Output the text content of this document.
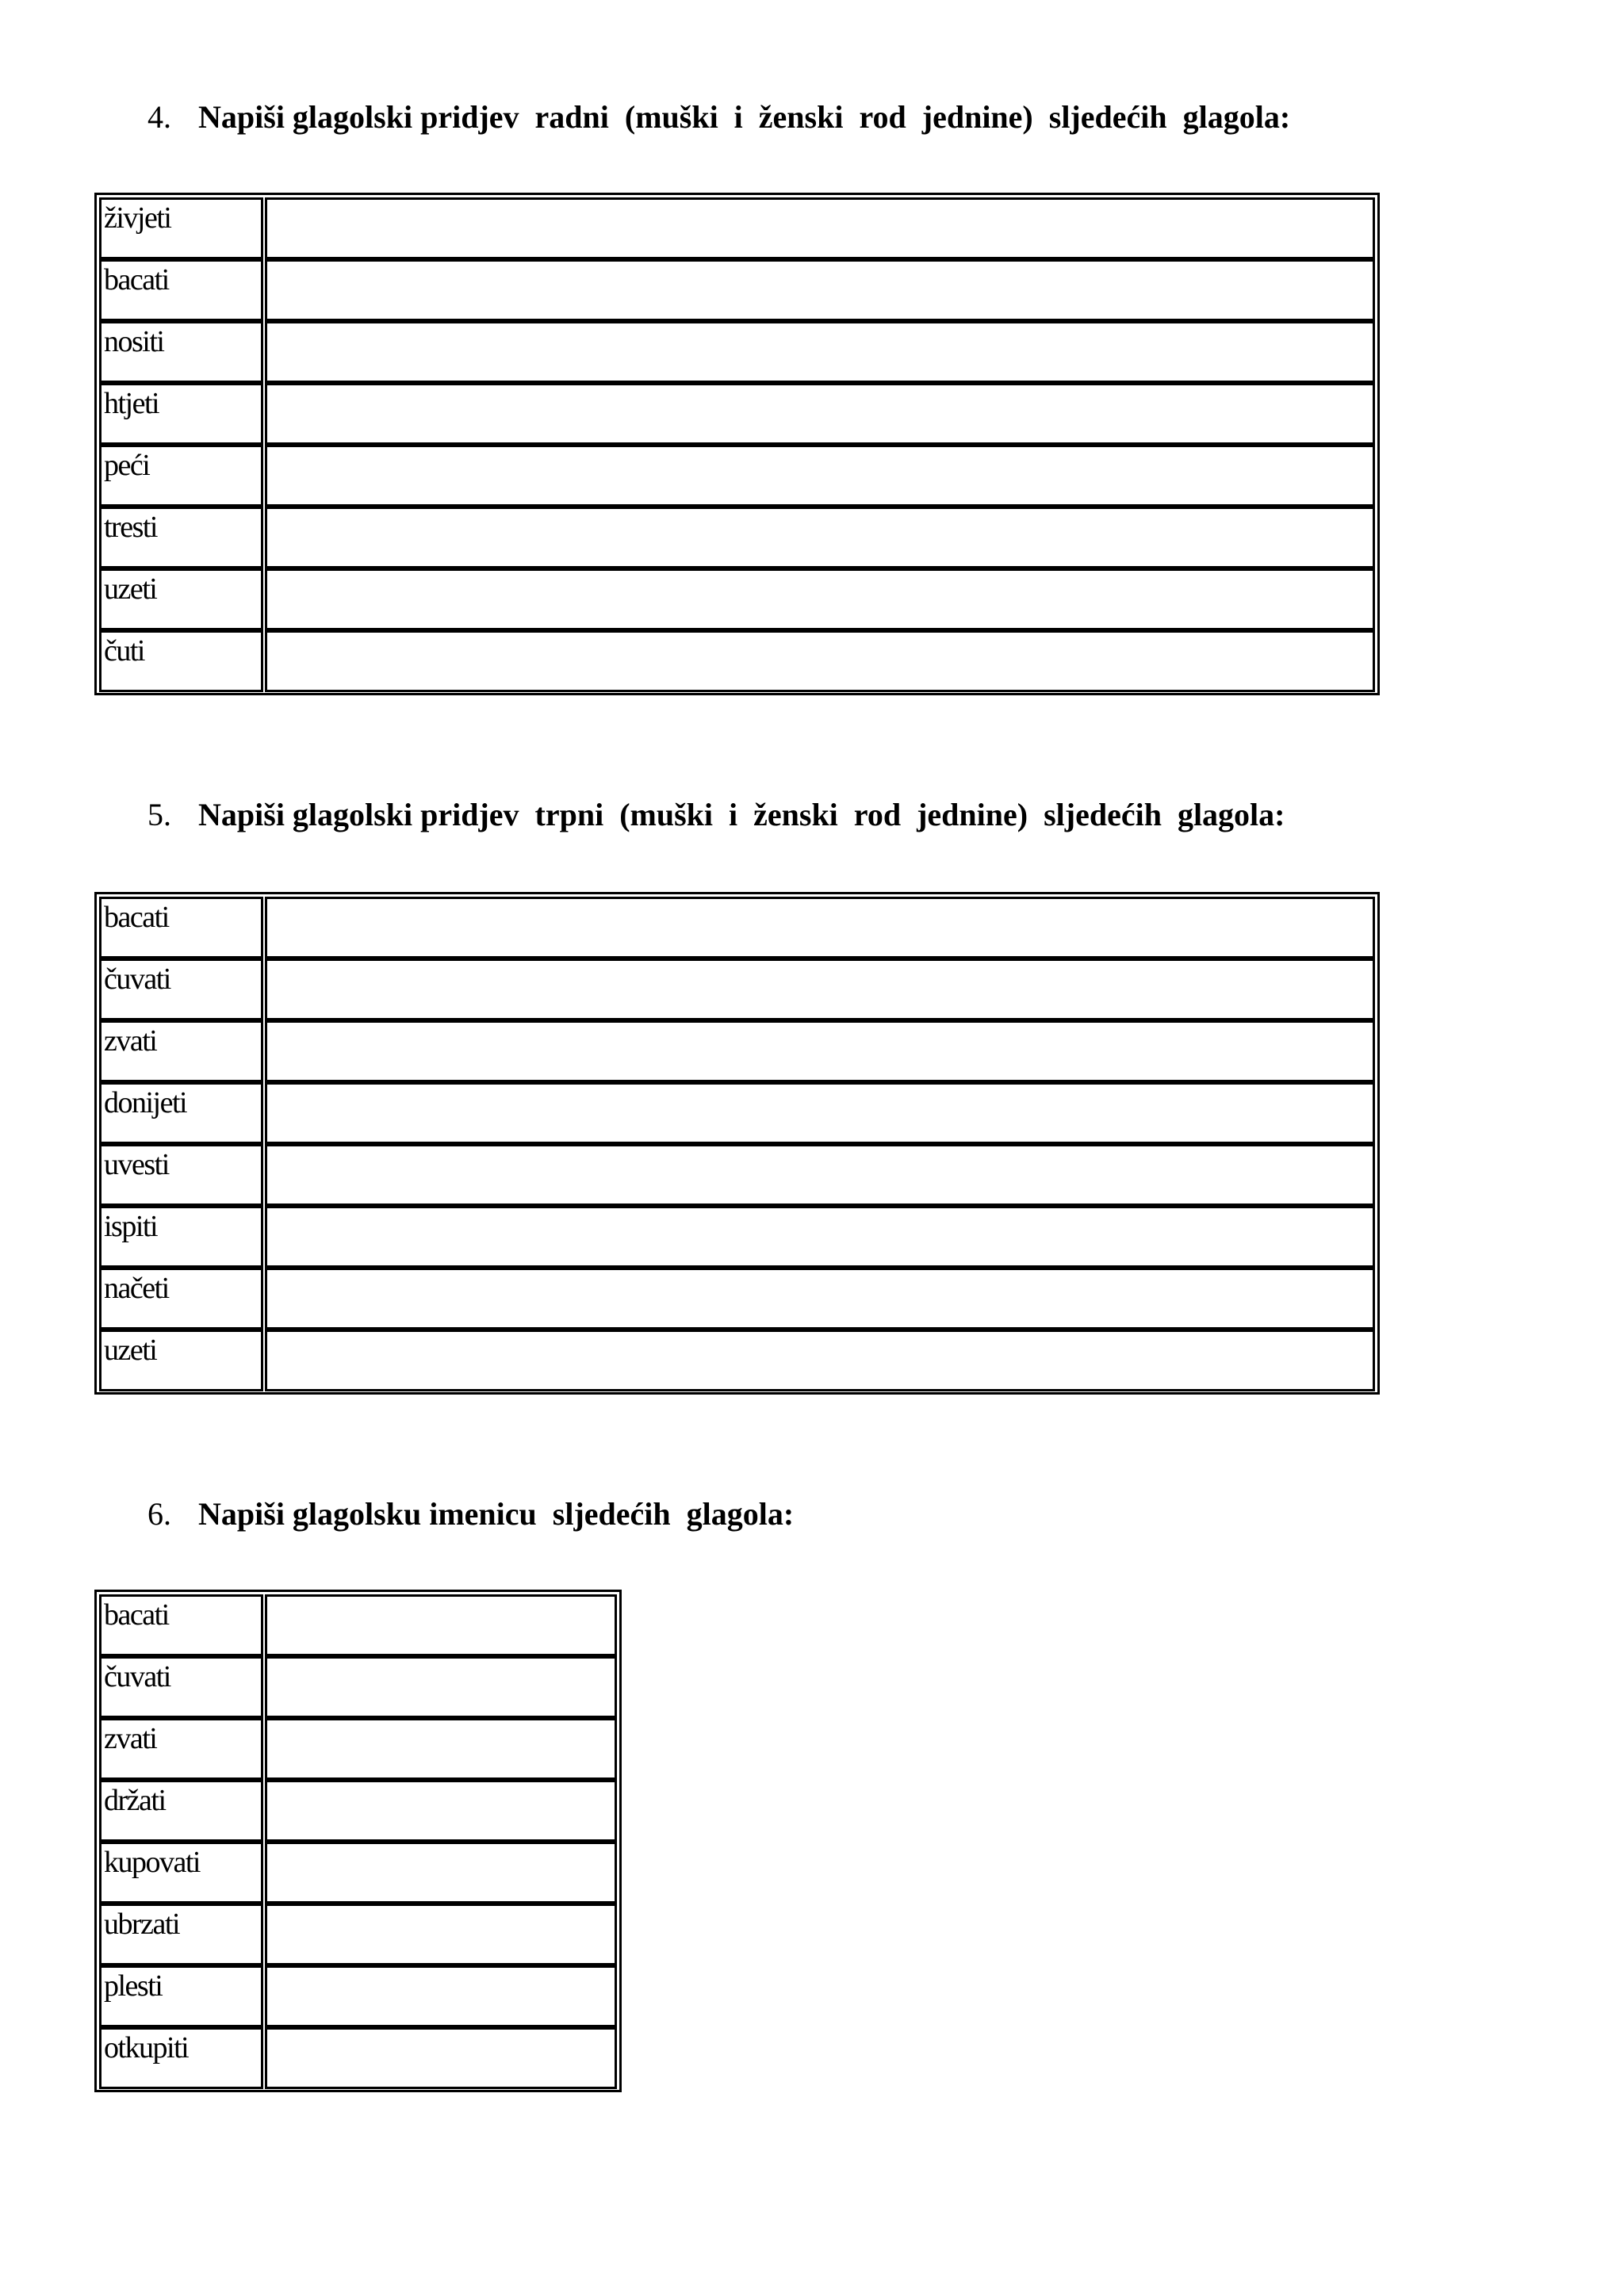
4.

Napiši glagolski pridjev  radni  (muški  i  ženski  rod  jednine)  sljedećih  glagola:

živjeti
bacati
nositi
htjeti
peći
tresti
uzeti
čuti

5.

Napiši glagolski pridjev  trpni  (muški  i  ženski  rod  jednine)  sljedećih  glagola:

bacati
čuvati
zvati
donijeti
uvesti
ispiti
načeti
uzeti

6.

Napiši glagolsku imenicu  sljedećih  glagola:

bacati
čuvati
zvati
držati
kupovati
ubrzati
plesti
otkupiti
